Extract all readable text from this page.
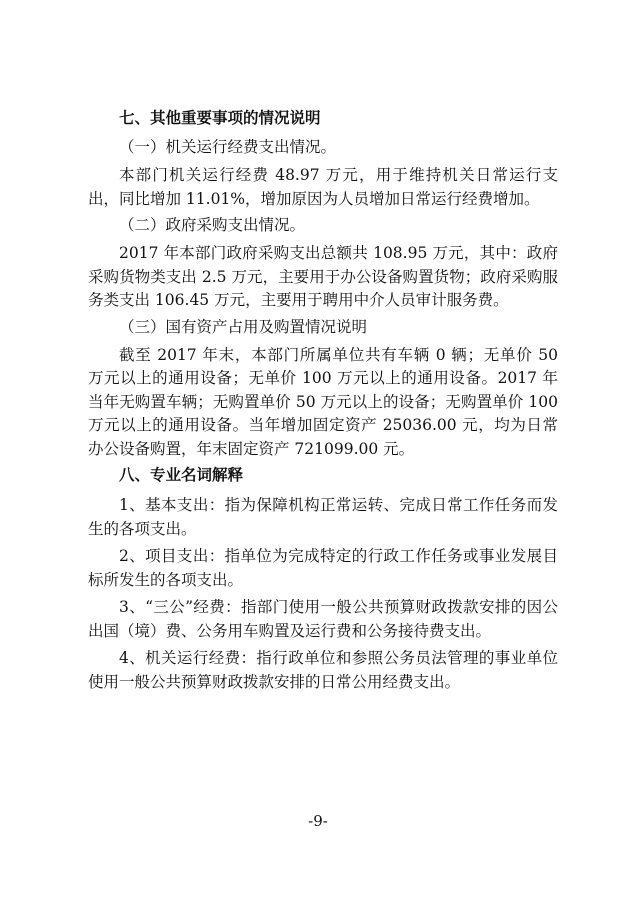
七、其他重要事项的情况说明

（一）机关运行经费支出情况。

本部门机关运行经费 48.97 万元，用于维持机关日常运行支出，同比增加 11.01%，增加原因为人员增加日常运行经费增加。

（二）政府采购支出情况。

2017 年本部门政府采购支出总额共 108.95 万元，其中：政府采购货物类支出 2.5 万元，主要用于办公设备购置货物；政府采购服务类支出 106.45 万元，主要用于聘用中介人员审计服务费。

（三）国有资产占用及购置情况说明

截至 2017 年末，本部门所属单位共有车辆 0 辆；无单价 50 万元以上的通用设备；无单价 100 万元以上的通用设备。2017 年当年无购置车辆；无购置单价 50 万元以上的设备；无购置单价 100 万元以上的通用设备。当年增加固定资产 25036.00 元，均为日常办公设备购置，年末固定资产 721099.00 元。

八、专业名词解释

1、基本支出：指为保障机构正常运转、完成日常工作任务而发生的各项支出。

2、项目支出：指单位为完成特定的行政工作任务或事业发展目标所发生的各项支出。

3、“三公”经费：指部门使用一般公共预算财政拨款安排的因公出国（境）费、公务用车购置及运行费和公务接待费支出。

4、机关运行经费：指行政单位和参照公务员法管理的事业单位使用一般公共预算财政拨款安排的日常公用经费支出。

-9-
